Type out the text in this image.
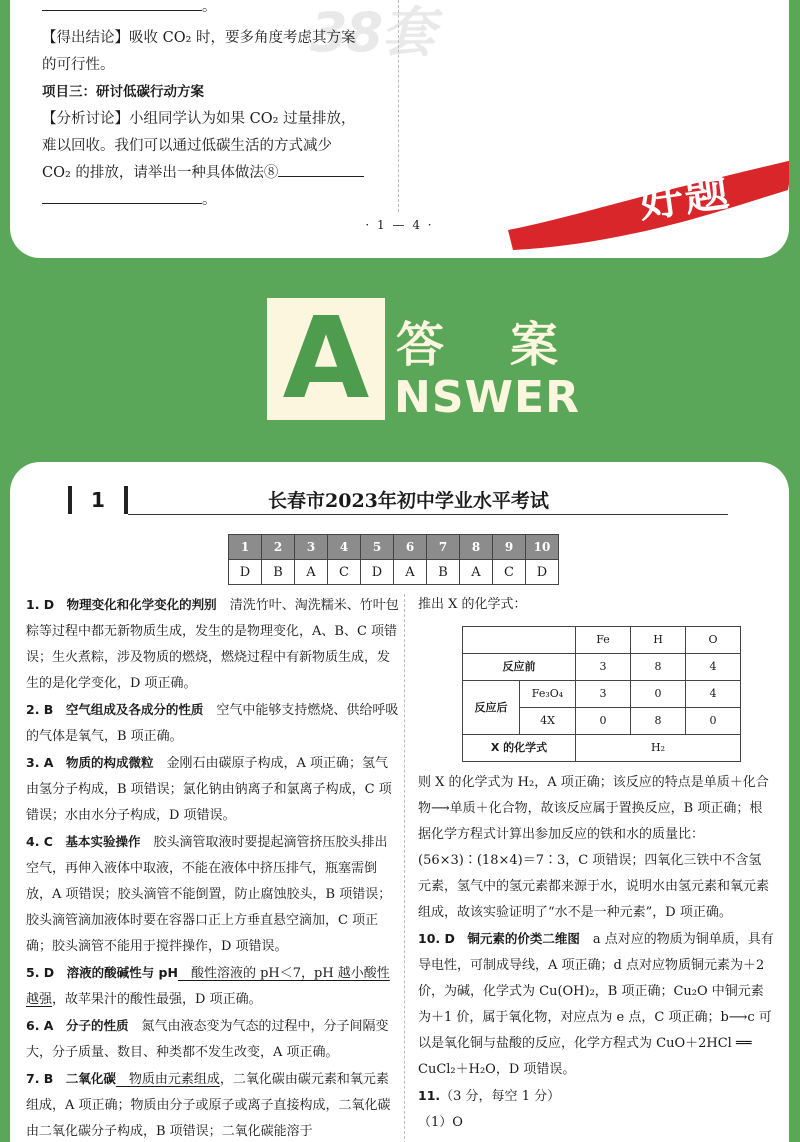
38套

。

【得出结论】吸收 CO₂ 时，要多角度考虑其方案

的可行性。

项目三：研讨低碳行动方案

【分析讨论】小组同学认为如果 CO₂ 过量排放，

难以回收。我们可以通过低碳生活的方式减少

CO₂ 的排放，请举出一种具体做法⑧

。	好题
· 1 — 4 ·
A 答案
NSWER
1	长春市2023年初中学业水平考试
1	2	3	4	5	6	7	8	9	10
D	B	A	C	D	A	B	A	C	D

1. D　物理变化和化学变化的判别　清洗竹叶、淘洗糯米、竹叶包粽等过程中都无新物质生成，发生的是物理变化，A、B、C 项错误；生火煮粽，涉及物质的燃烧，燃烧过程中有新物质生成，发生的是化学变化，D 项正确。

2. B　空气组成及各成分的性质　空气中能够支持燃烧、供给呼吸的气体是氧气，B 项正确。

3. A　物质的构成微粒　金刚石由碳原子构成，A 项正确；氢气由氢分子构成，B 项错误；氯化钠由钠离子和氯离子构成，C 项错误；水由水分子构成，D 项错误。

4. C　基本实验操作　胶头滴管取液时要提起滴管挤压胶头排出空气，再伸入液体中取液，不能在液体中挤压排气，瓶塞需倒放，A 项错误；胶头滴管不能倒置，防止腐蚀胶头，B 项错误；胶头滴管滴加液体时要在容器口正上方垂直悬空滴加，C 项正确；胶头滴管不能用于搅拌操作，D 项错误。

5. D　溶液的酸碱性与 pH　酸性溶液的 pH＜7，pH 越小酸性越强，故苹果汁的酸性最强，D 项正确。

6. A　分子的性质　氮气由液态变为气态的过程中，分子间隔变大，分子质量、数目、种类都不发生改变，A 项正确。

7. B　二氧化碳　物质由元素组成，二氧化碳由碳元素和氧元素组成，A 项正确；物质由分子或原子或离子直接构成，二氧化碳由二氧化碳分子构成，B 项错误；二氧化碳能溶于

推出 X 的化学式：

		Fe	H	O
反应前		3	8	4
反应后	Fe₃O₄	3	0	4
	4X	0	8	0
X 的化学式		H₂		

则 X 的化学式为 H₂，A 项正确；该反应的特点是单质＋化合物⟶单质＋化合物，故该反应属于置换反应，B 项正确；根据化学方程式计算出参加反应的铁和水的质量比：(56×3)∶(18×4)＝7∶3，C 项错误；四氧化三铁中不含氢元素，氢气中的氢元素都来源于水，说明水由氢元素和氧元素组成，故该实验证明了“水不是一种元素”，D 项正确。

10. D　铜元素的价类二维图　a 点对应的物质为铜单质，具有导电性，可制成导线，A 项正确；d 点对应物质铜元素为＋2 价，为碱，化学式为 Cu(OH)₂，B 项正确；Cu₂O 中铜元素为＋1 价，属于氧化物，对应点为 e 点，C 项正确；b⟶c 可以是氧化铜与盐酸的反应，化学方程式为 CuO＋2HCl ══ CuCl₂＋H₂O，D 项错误。

11.（3 分，每空 1 分）

（1）O
